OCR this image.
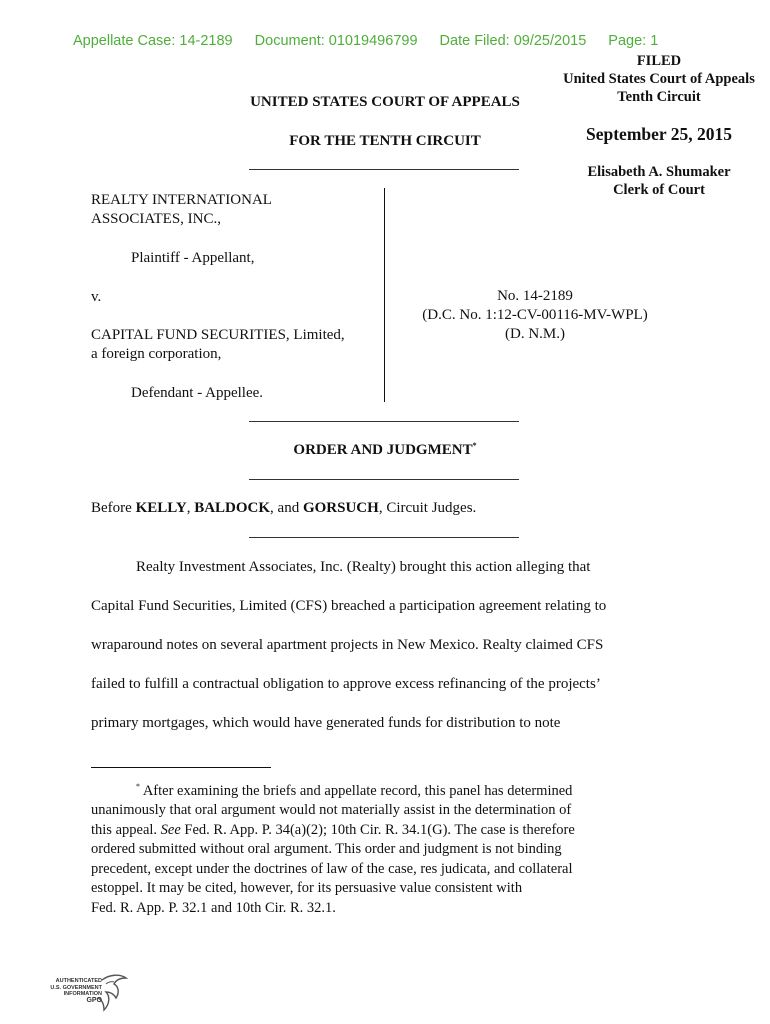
Appellate Case: 14-2189 Document: 01019496799 Date Filed: 09/25/2015 Page: 1
FILED
United States Court of Appeals
Tenth Circuit
September 25, 2015
Elisabeth A. Shumaker
Clerk of Court
UNITED STATES COURT OF APPEALS
FOR THE TENTH CIRCUIT
REALTY INTERNATIONAL
ASSOCIATES, INC.,
Plaintiff - Appellant,
v.
CAPITAL FUND SECURITIES, Limited,
a foreign corporation,
Defendant - Appellee.
No. 14-2189
(D.C. No. 1:12-CV-00116-MV-WPL)
(D. N.M.)
ORDER AND JUDGMENT*
Before KELLY, BALDOCK, and GORSUCH, Circuit Judges.
Realty Investment Associates, Inc. (Realty) brought this action alleging that
Capital Fund Securities, Limited (CFS) breached a participation agreement relating to
wraparound notes on several apartment projects in New Mexico. Realty claimed CFS
failed to fulfill a contractual obligation to approve excess refinancing of the projects’
primary mortgages, which would have generated funds for distribution to note
* After examining the briefs and appellate record, this panel has determined
unanimously that oral argument would not materially assist in the determination of
this appeal. See Fed. R. App. P. 34(a)(2); 10th Cir. R. 34.1(G). The case is therefore
ordered submitted without oral argument. This order and judgment is not binding
precedent, except under the doctrines of law of the case, res judicata, and collateral
estoppel. It may be cited, however, for its persuasive value consistent with
Fed. R. App. P. 32.1 and 10th Cir. R. 32.1.
AUTHENTICATED
U.S. GOVERNMENT
INFORMATION
GPO
